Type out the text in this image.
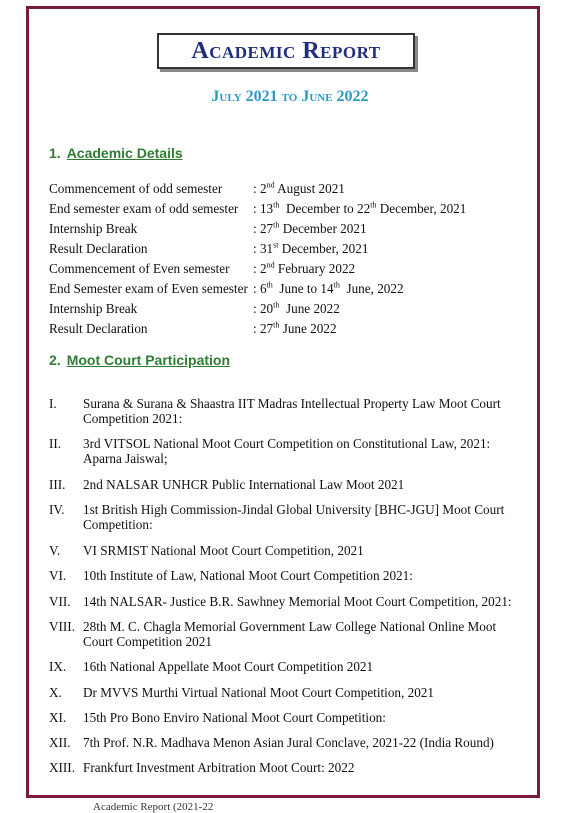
Academic Report
July 2021 to June 2022
1. Academic Details
Commencement of odd semester : 2nd August 2021
End semester exam of odd semester : 13th  December to 22th December, 2021
Internship Break	: 27th December 2021
Result Declaration	: 31st December, 2021
Commencement of Even semester : 2nd February 2022
End Semester exam of Even semester : 6th  June to 14th  June, 2022
Internship Break	: 20th  June 2022
Result Declaration	: 27th June 2022
2. Moot Court Participation
I. Surana & Surana & Shaastra IIT Madras Intellectual Property Law Moot Court Competition 2021:
II. 3rd VITSOL National Moot Court Competition on Constitutional Law, 2021: Aparna Jaiswal;
III. 2nd NALSAR UNHCR Public International Law Moot 2021
IV. 1st British High Commission-Jindal Global University [BHC-JGU] Moot Court Competition:
V. VI SRMIST National Moot Court Competition, 2021
VI. 10th Institute of Law, National Moot Court Competition 2021:
VII. 14th NALSAR- Justice B.R. Sawhney Memorial Moot Court Competition, 2021:
VIII. 28th M. C. Chagla Memorial Government Law College National Online Moot Court Competition 2021
IX. 16th National Appellate Moot Court Competition 2021
X. Dr MVVS Murthi Virtual National Moot Court Competition, 2021
XI. 15th Pro Bono Enviro National Moot Court Competition:
XII. 7th Prof. N.R. Madhava Menon Asian Jural Conclave, 2021-22 (India Round)
XIII. Frankfurt Investment Arbitration Moot Court: 2022
Academic Report (2021-22
